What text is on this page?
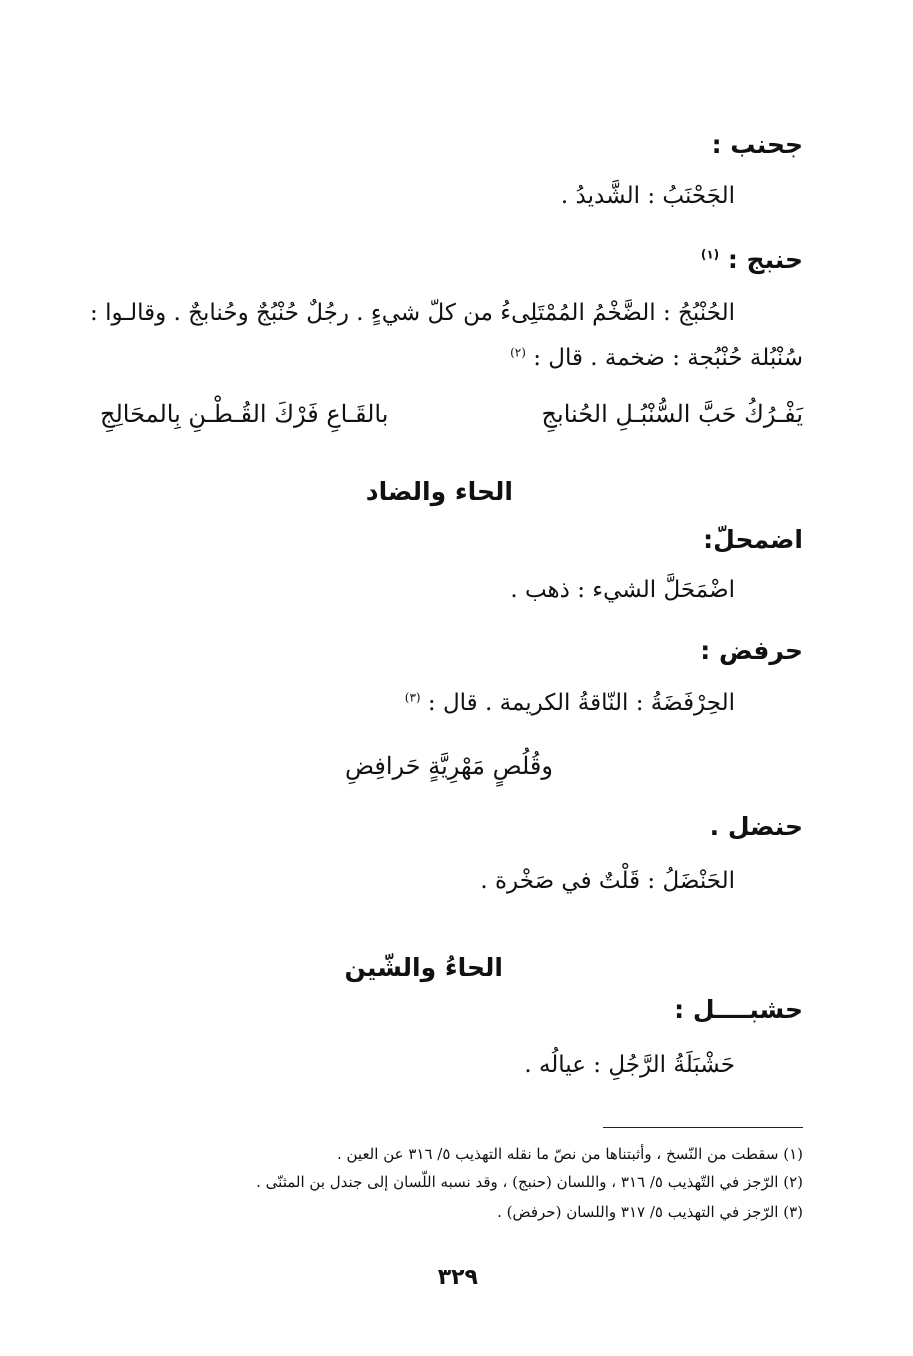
جحنب :
الجَحْنَبُ : الشَّديدُ .
حنبج : $^{(١)}$
الحُنْبُجُ : الضَّخْمُ المُمْتَلِىءُ من كلّ شيءٍ . رجُلٌ حُنْبُجٌ وحُنابجٌ . وقالـوا :
سُنْبُلة حُنْبُجة : ضخمة . قال : $^{(٢)}$
يَفْـرُكُ حَبَّ السُّنْبُـلِ الحُنابجِ
بالقَـاعِ فَرْكَ القُـطْـنِ بِالمحَالِجِ
الحاء والضاد
اضمحلّ:
اضْمَحَلَّ الشيء : ذهب .
حرفض :
الحِرْفَضَةُ : النّاقةُ الكريمة . قال : $^{(٣)}$
وقُلُصٍ مَهْرِيَّةٍ حَرافِضِ
حنضل .
الحَنْضَلُ : قَلْتٌ في صَخْرة .
الحاءُ والشّين
حشبــــل :
حَشْبَلَةُ الرَّجُلِ : عيالُه .
(١) سقطت من النّسخ ، وأثبتناها من نصّ ما نقله التهذيب ٥/ ٣١٦ عن العين .
(٢) الرّجز في التّهذيب ٥/ ٣١٦ ، واللسان (حنبج) ، وقد نسبه اللّسان إلى جندل بن المثنّى .
(٣) الرّجز في التهذيب ٥/ ٣١٧ واللسان (حرفض) .
٣٢٩
